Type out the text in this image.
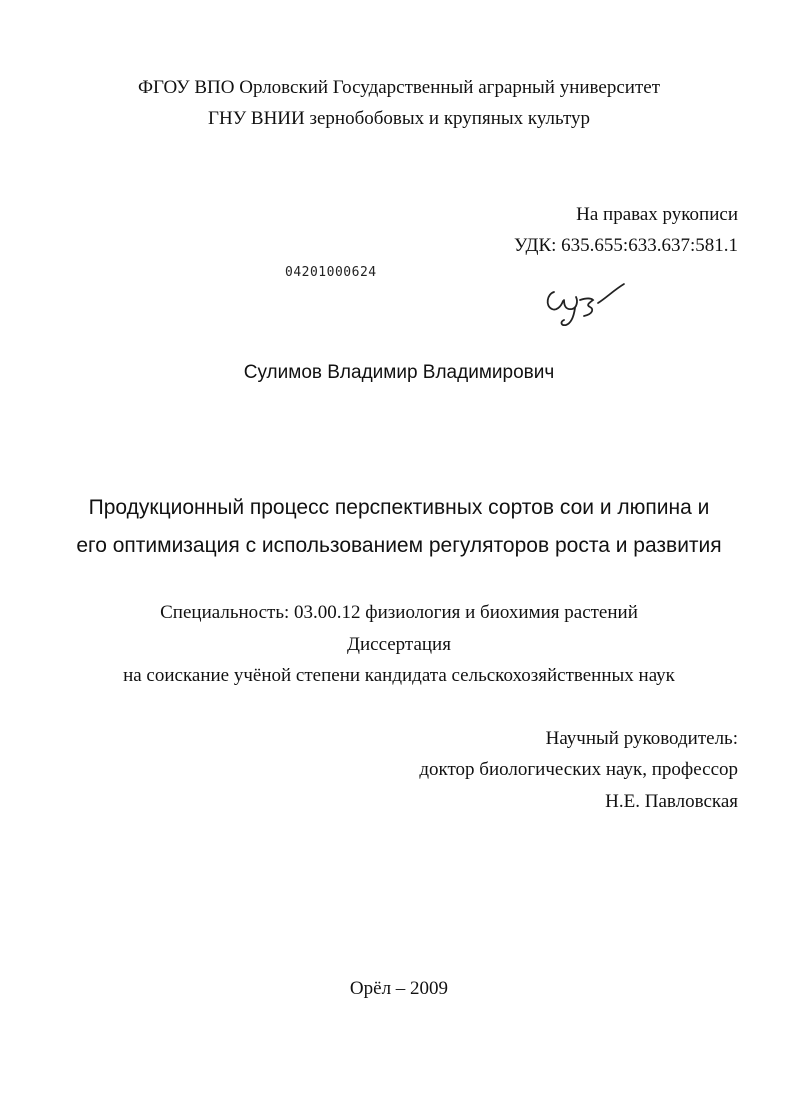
ФГОУ ВПО Орловский Государственный аграрный университет
ГНУ ВНИИ зернобобовых и крупяных культур
На правах рукописи
УДК: 635.655:633.637:581.1
04201000624
Сулимов Владимир Владимирович
Продукционный процесс перспективных сортов сои и люпина и
его оптимизация с использованием регуляторов роста и развития
Специальность: 03.00.12 физиология и биохимия растений
Диссертация
на соискание учёной степени кандидата сельскохозяйственных наук
Научный руководитель:
доктор биологических наук, профессор
Н.Е. Павловская
Орёл – 2009
